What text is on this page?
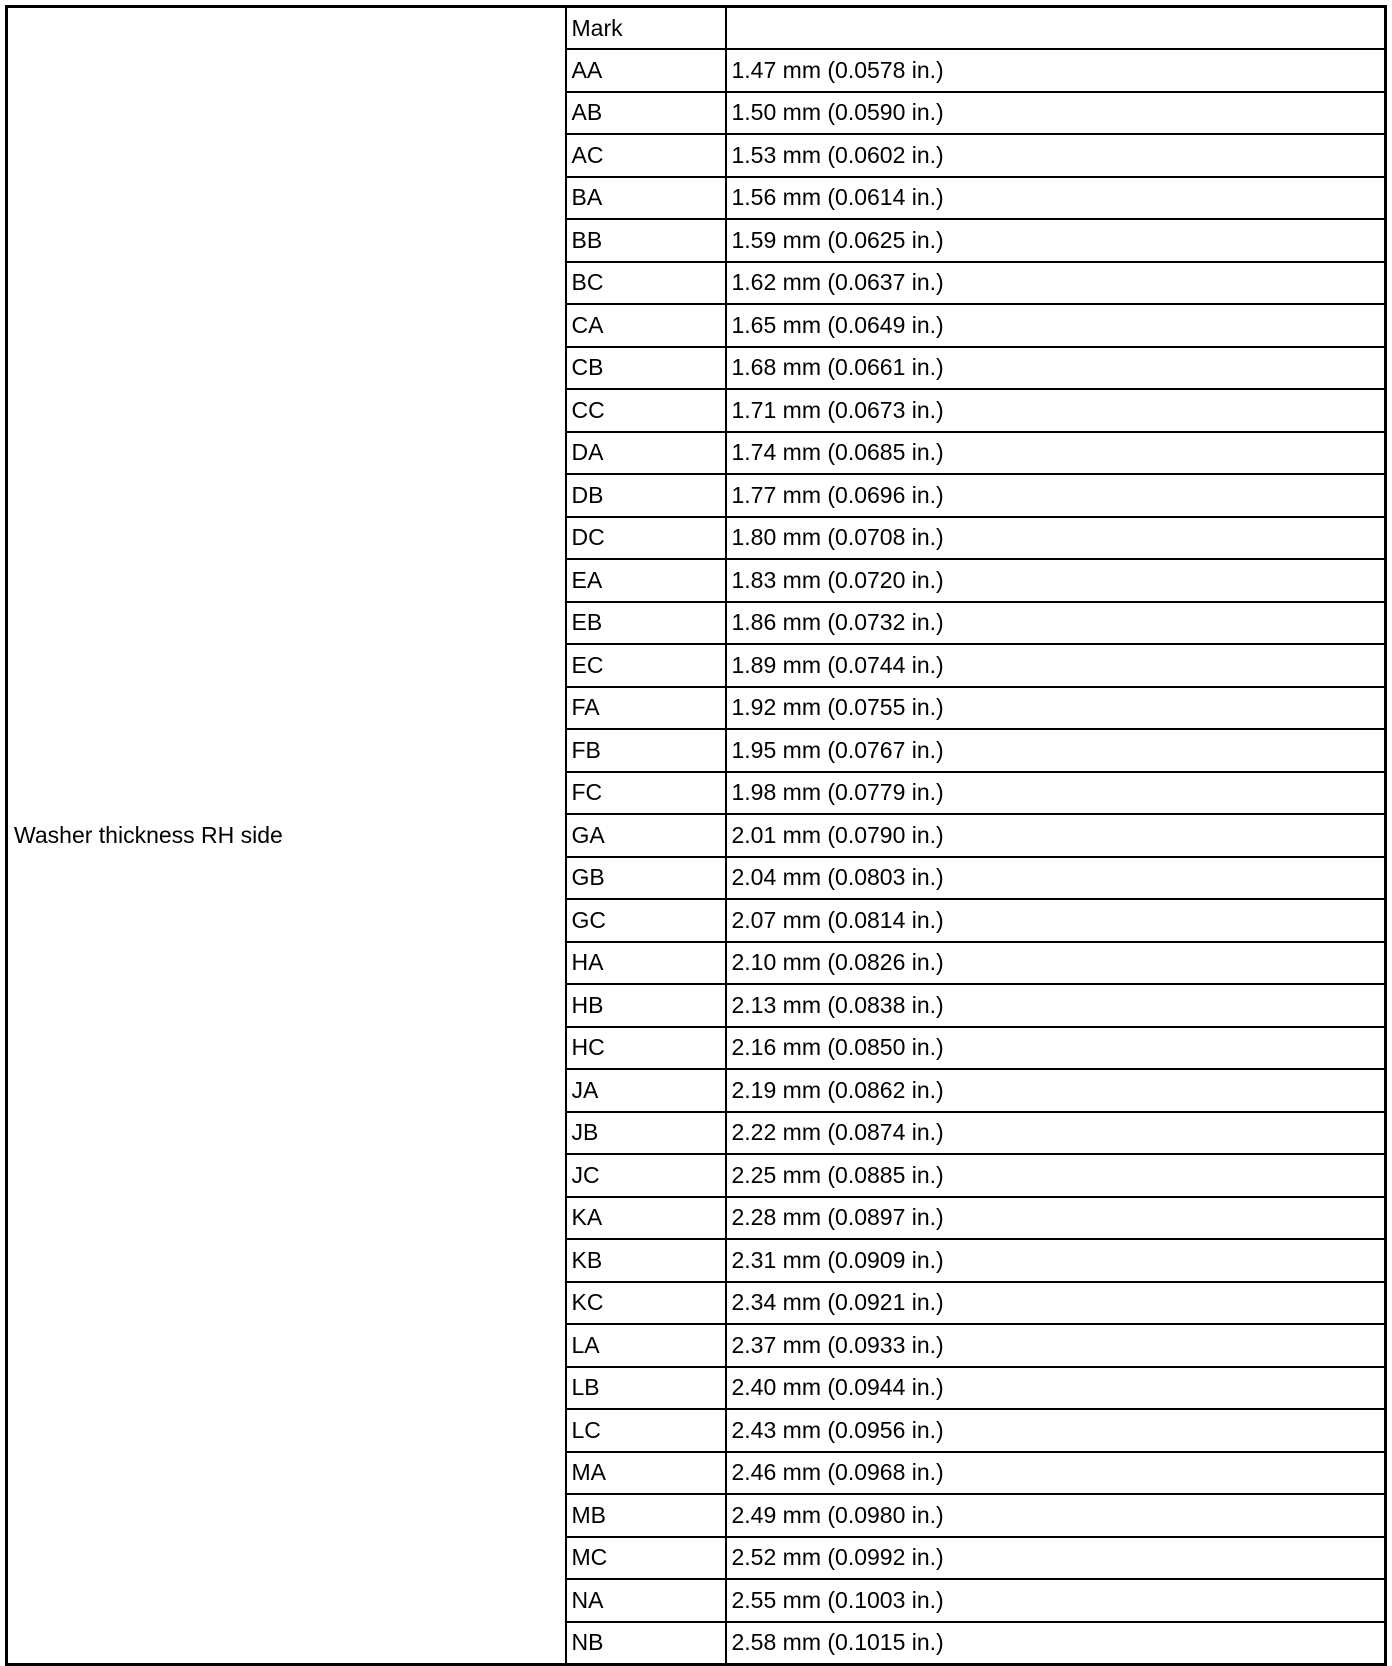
Washer thickness RH side	Mark	
	AA	1.47 mm (0.0578 in.)
	AB	1.50 mm (0.0590 in.)
	AC	1.53 mm (0.0602 in.)
	BA	1.56 mm (0.0614 in.)
	BB	1.59 mm (0.0625 in.)
	BC	1.62 mm (0.0637 in.)
	CA	1.65 mm (0.0649 in.)
	CB	1.68 mm (0.0661 in.)
	CC	1.71 mm (0.0673 in.)
	DA	1.74 mm (0.0685 in.)
	DB	1.77 mm (0.0696 in.)
	DC	1.80 mm (0.0708 in.)
	EA	1.83 mm (0.0720 in.)
	EB	1.86 mm (0.0732 in.)
	EC	1.89 mm (0.0744 in.)
	FA	1.92 mm (0.0755 in.)
	FB	1.95 mm (0.0767 in.)
	FC	1.98 mm (0.0779 in.)
	GA	2.01 mm (0.0790 in.)
	GB	2.04 mm (0.0803 in.)
	GC	2.07 mm (0.0814 in.)
	HA	2.10 mm (0.0826 in.)
	HB	2.13 mm (0.0838 in.)
	HC	2.16 mm (0.0850 in.)
	JA	2.19 mm (0.0862 in.)
	JB	2.22 mm (0.0874 in.)
	JC	2.25 mm (0.0885 in.)
	KA	2.28 mm (0.0897 in.)
	KB	2.31 mm (0.0909 in.)
	KC	2.34 mm (0.0921 in.)
	LA	2.37 mm (0.0933 in.)
	LB	2.40 mm (0.0944 in.)
	LC	2.43 mm (0.0956 in.)
	MA	2.46 mm (0.0968 in.)
	MB	2.49 mm (0.0980 in.)
	MC	2.52 mm (0.0992 in.)
	NA	2.55 mm (0.1003 in.)
	NB	2.58 mm (0.1015 in.)
